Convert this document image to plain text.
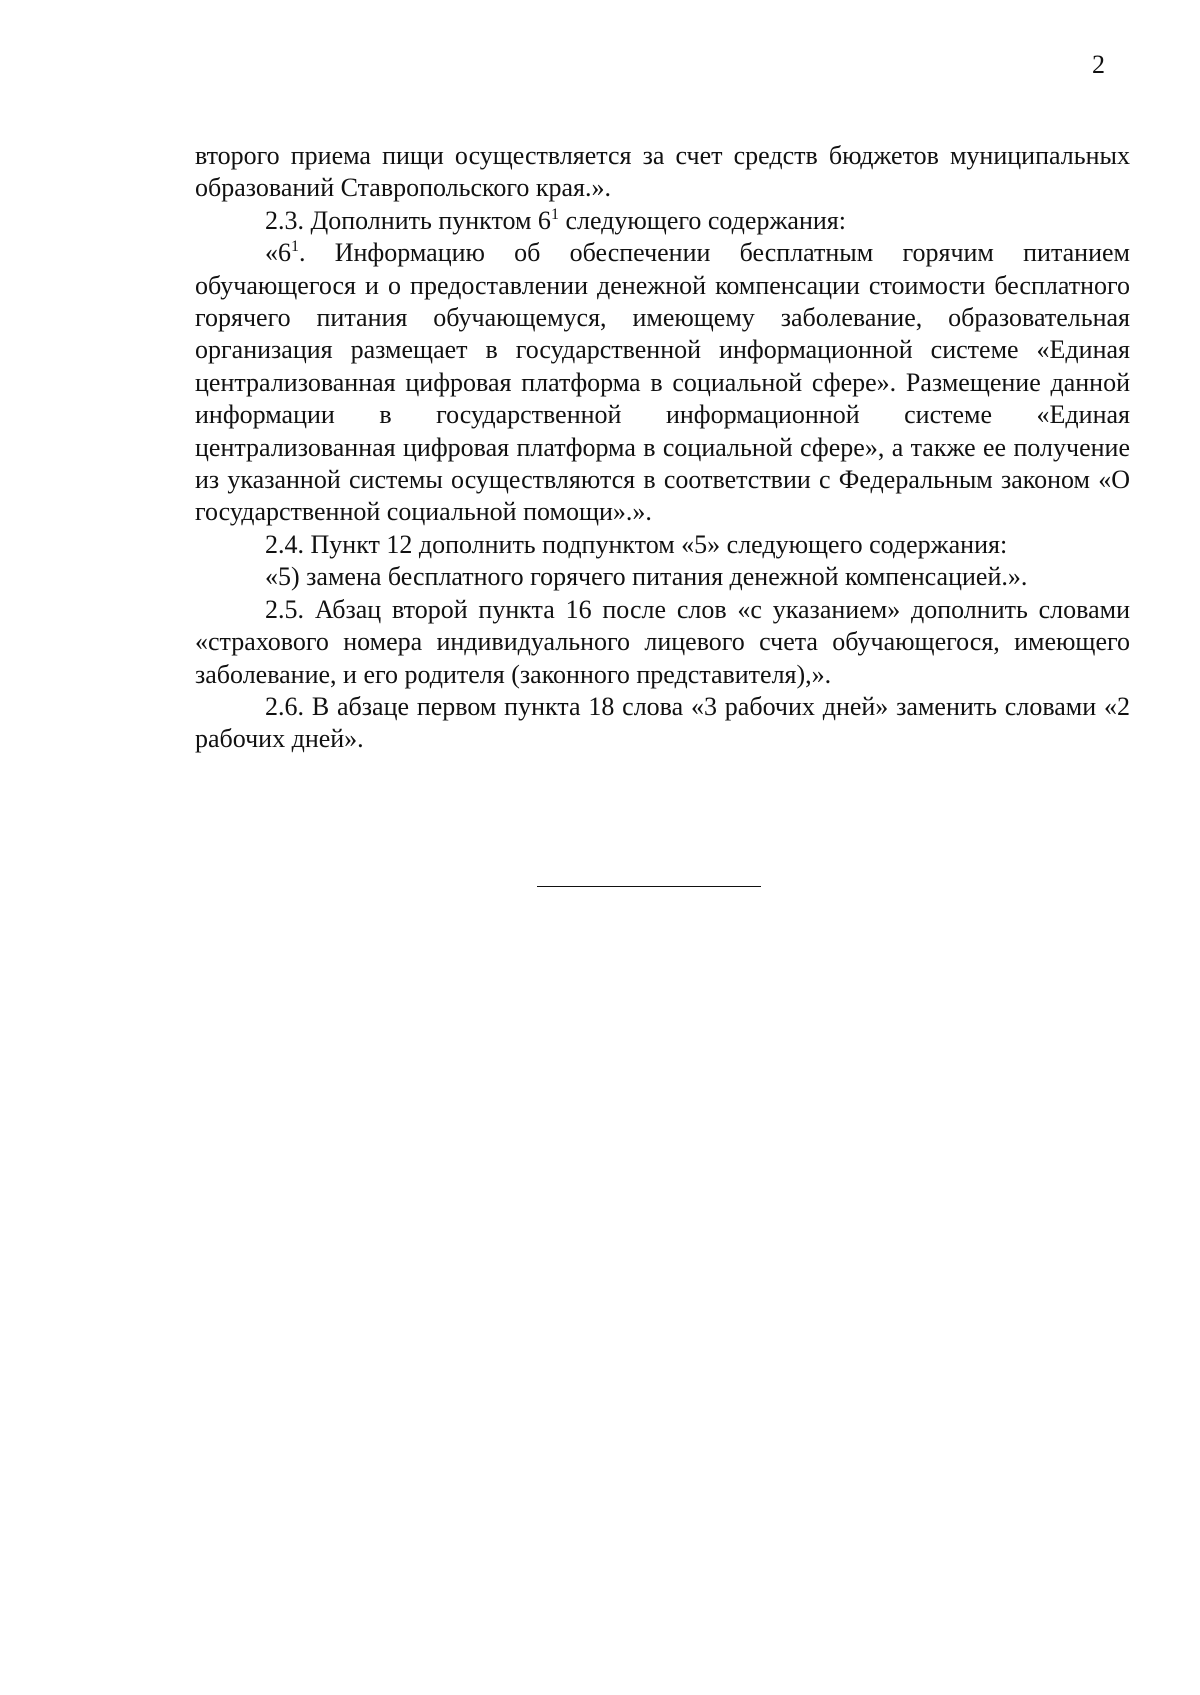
2

второго приема пищи осуществляется за счет средств бюджетов муниципальных образований Ставропольского края.».

2.3. Дополнить пунктом $6^1$ следующего содержания:

«$6^1$. Информацию об обеспечении бесплатным горячим питанием обучающегося и о предоставлении денежной компенсации стоимости бесплатного горячего питания обучающемуся, имеющему заболевание, образовательная организация размещает в государственной информационной системе «Единая централизованная цифровая платформа в социальной сфере». Размещение данной информации в государственной информационной системе «Единая централизованная цифровая платформа в социальной сфере», а также ее получение из указанной системы осуществляются в соответствии с Федеральным законом «О государственной социальной помощи».».

2.4. Пункт 12 дополнить подпунктом «5» следующего содержания:

«5) замена бесплатного горячего питания денежной компенсацией.».

2.5. Абзац второй пункта 16 после слов «с указанием» дополнить словами «страхового номера индивидуального лицевого счета обучающегося, имеющего заболевание, и его родителя (законного представителя),».

2.6. В абзаце первом пункта 18 слова «3 рабочих дней» заменить словами «2 рабочих дней».
